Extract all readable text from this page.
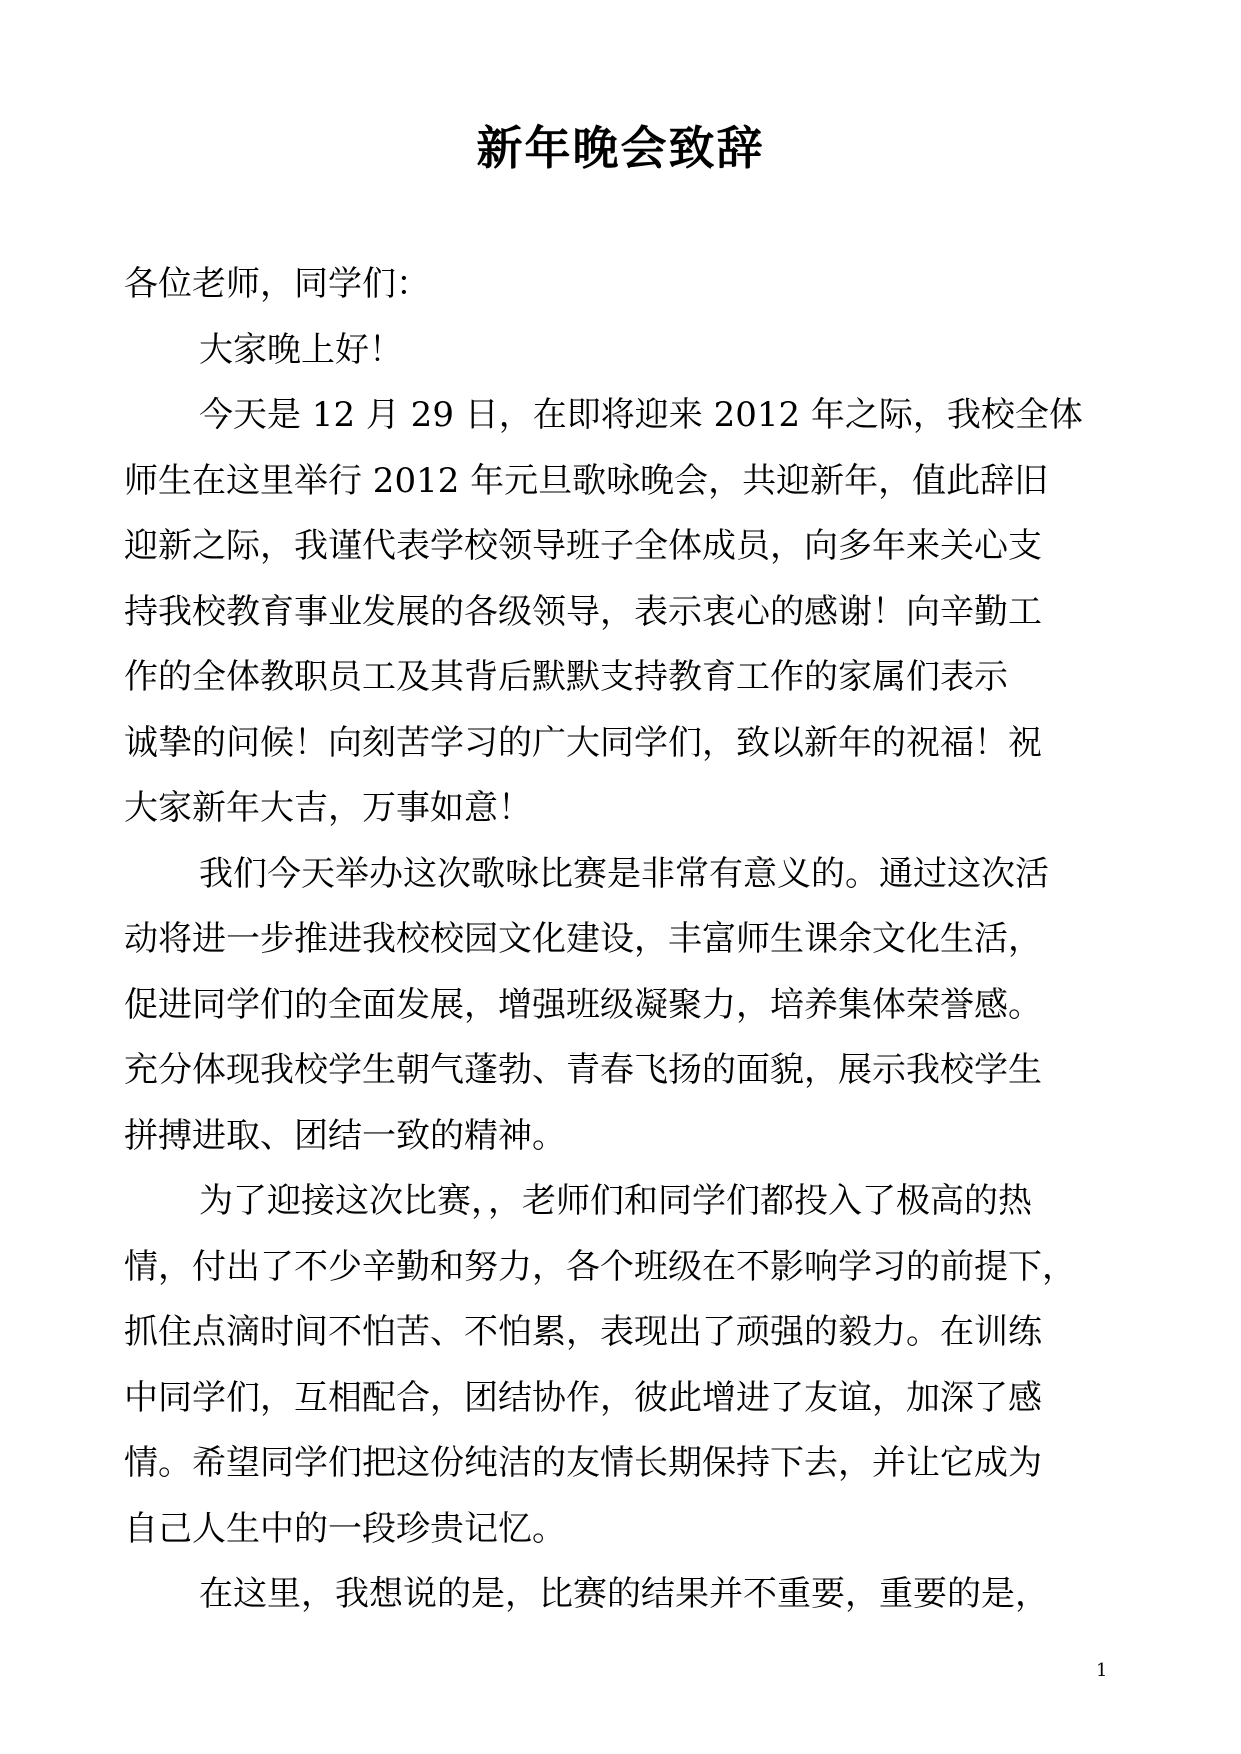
新年晚会致辞
各位老师，同学们：
大家晚上好！
今天是 12 月 29 日，在即将迎来 2012 年之际，我校全体
师生在这里举行 2012 年元旦歌咏晚会，共迎新年，值此辞旧
迎新之际，我谨代表学校领导班子全体成员，向多年来关心支
持我校教育事业发展的各级领导，表示衷心的感谢！向辛勤工
作的全体教职员工及其背后默默支持教育工作的家属们表示
诚挚的问候！向刻苦学习的广大同学们，致以新年的祝福！祝
大家新年大吉，万事如意！
我们今天举办这次歌咏比赛是非常有意义的。通过这次活
动将进一步推进我校校园文化建设，丰富师生课余文化生活，
促进同学们的全面发展，增强班级凝聚力，培养集体荣誉感。
充分体现我校学生朝气蓬勃、青春飞扬的面貌，展示我校学生
拼搏进取、团结一致的精神。
为了迎接这次比赛，，老师们和同学们都投入了极高的热
情，付出了不少辛勤和努力，各个班级在不影响学习的前提下，
抓住点滴时间不怕苦、不怕累，表现出了顽强的毅力。在训练
中同学们，互相配合，团结协作，彼此增进了友谊，加深了感
情。希望同学们把这份纯洁的友情长期保持下去，并让它成为
自己人生中的一段珍贵记忆。
在这里，我想说的是，比赛的结果并不重要，重要的是，
1
